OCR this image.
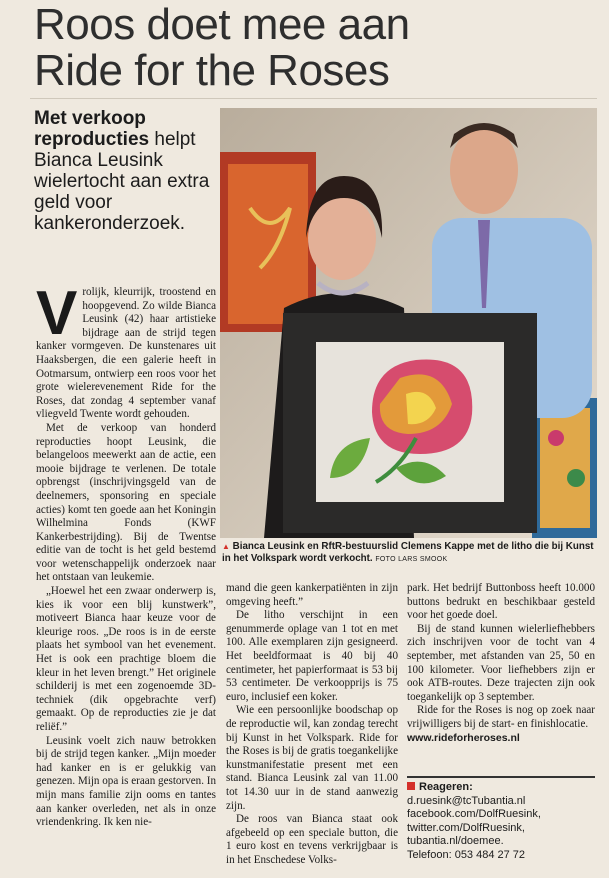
Roos doet mee aan
Ride for the Roses
Met verkoop reproducties helpt Bianca Leusink wielertocht aan extra geld voor kankeronderzoek.
▲ Bianca Leusink en RftR-bestuurslid Clemens Kappe met de litho die bij Kunst in het Volkspark wordt verkocht. FOTO LARS SMOOK
V rolijk, kleurrijk, troostend en hoopgevend. Zo wilde Bianca Leusink (42) haar artistieke bijdrage aan de strijd tegen kanker vormgeven. De kunstenares uit Haaksbergen, die een galerie heeft in Ootmarsum, ontwierp een roos voor het grote wielerevenement Ride for the Roses, dat zondag 4 september vanaf vliegveld Twente wordt gehouden.

Met de verkoop van honderd reproducties hoopt Leusink, die belangeloos meewerkt aan de actie, een mooie bijdrage te verlenen. De totale opbrengst (inschrijvingsgeld van de deelnemers, sponsoring en speciale acties) komt ten goede aan het Koningin Wilhelmina Fonds (KWF Kankerbestrijding). Bij de Twentse editie van de tocht is het geld bestemd voor wetenschappelijk onderzoek naar het ontstaan van leukemie.

„Hoewel het een zwaar onderwerp is, kies ik voor een blij kunstwerk”, motiveert Bianca haar keuze voor de kleurige roos. „De roos is in de eerste plaats het symbool van het evenement. Het is ook een prachtige bloem die kleur in het leven brengt.” Het originele schilderij is met een zogenoemde 3D-techniek (dik opgebrachte verf) gemaakt. Op de reproducties zie je dat reliëf.”

Leusink voelt zich nauw betrokken bij de strijd tegen kanker. „Mijn moeder had kanker en is er gelukkig van genezen. Mijn opa is eraan gestorven. In mijn mans familie zijn ooms en tantes aan kanker overleden, net als in onze vriendenkring. Ik ken nie-

mand die geen kankerpatiënten in zijn omgeving heeft.”

De litho verschijnt in een genummerde oplage van 1 tot en met 100. Alle exemplaren zijn gesigneerd. Het beeldformaat is 40 bij 40 centimeter, het papierformaat is 53 bij 53 centimeter. De verkoopprijs is 75 euro, inclusief een koker.

Wie een persoonlijke boodschap op de reproductie wil, kan zondag terecht bij Kunst in het Volkspark. Ride for the Roses is bij de gratis toegankelijke kunstmanifestatie present met een stand. Bianca Leusink zal van 11.00 tot 14.30 uur in de stand aanwezig zijn.

De roos van Bianca staat ook afgebeeld op een speciale button, die 1 euro kost en tevens verkrijgbaar is in het Enschedese Volks-

park. Het bedrijf Buttonboss heeft 10.000 buttons bedrukt en beschikbaar gesteld voor het goede doel.

Bij de stand kunnen wielerliefhebbers zich inschrijven voor de tocht van 4 september, met afstanden van 25, 50 en 100 kilometer. Voor liefhebbers zijn er ook ATB-routes. Deze trajecten zijn ook toegankelijk op 3 september.

Ride for the Roses is nog op zoek naar vrijwilligers bij de start- en finishlocatie.

www.rideforheroses.nl

Reageren:
d.ruesink@tcTubantia.nl
facebook.com/DolfRuesink,
twitter.com/DolfRuesink,
tubantia.nl/doemee.
Telefoon: 053 484 27 72
